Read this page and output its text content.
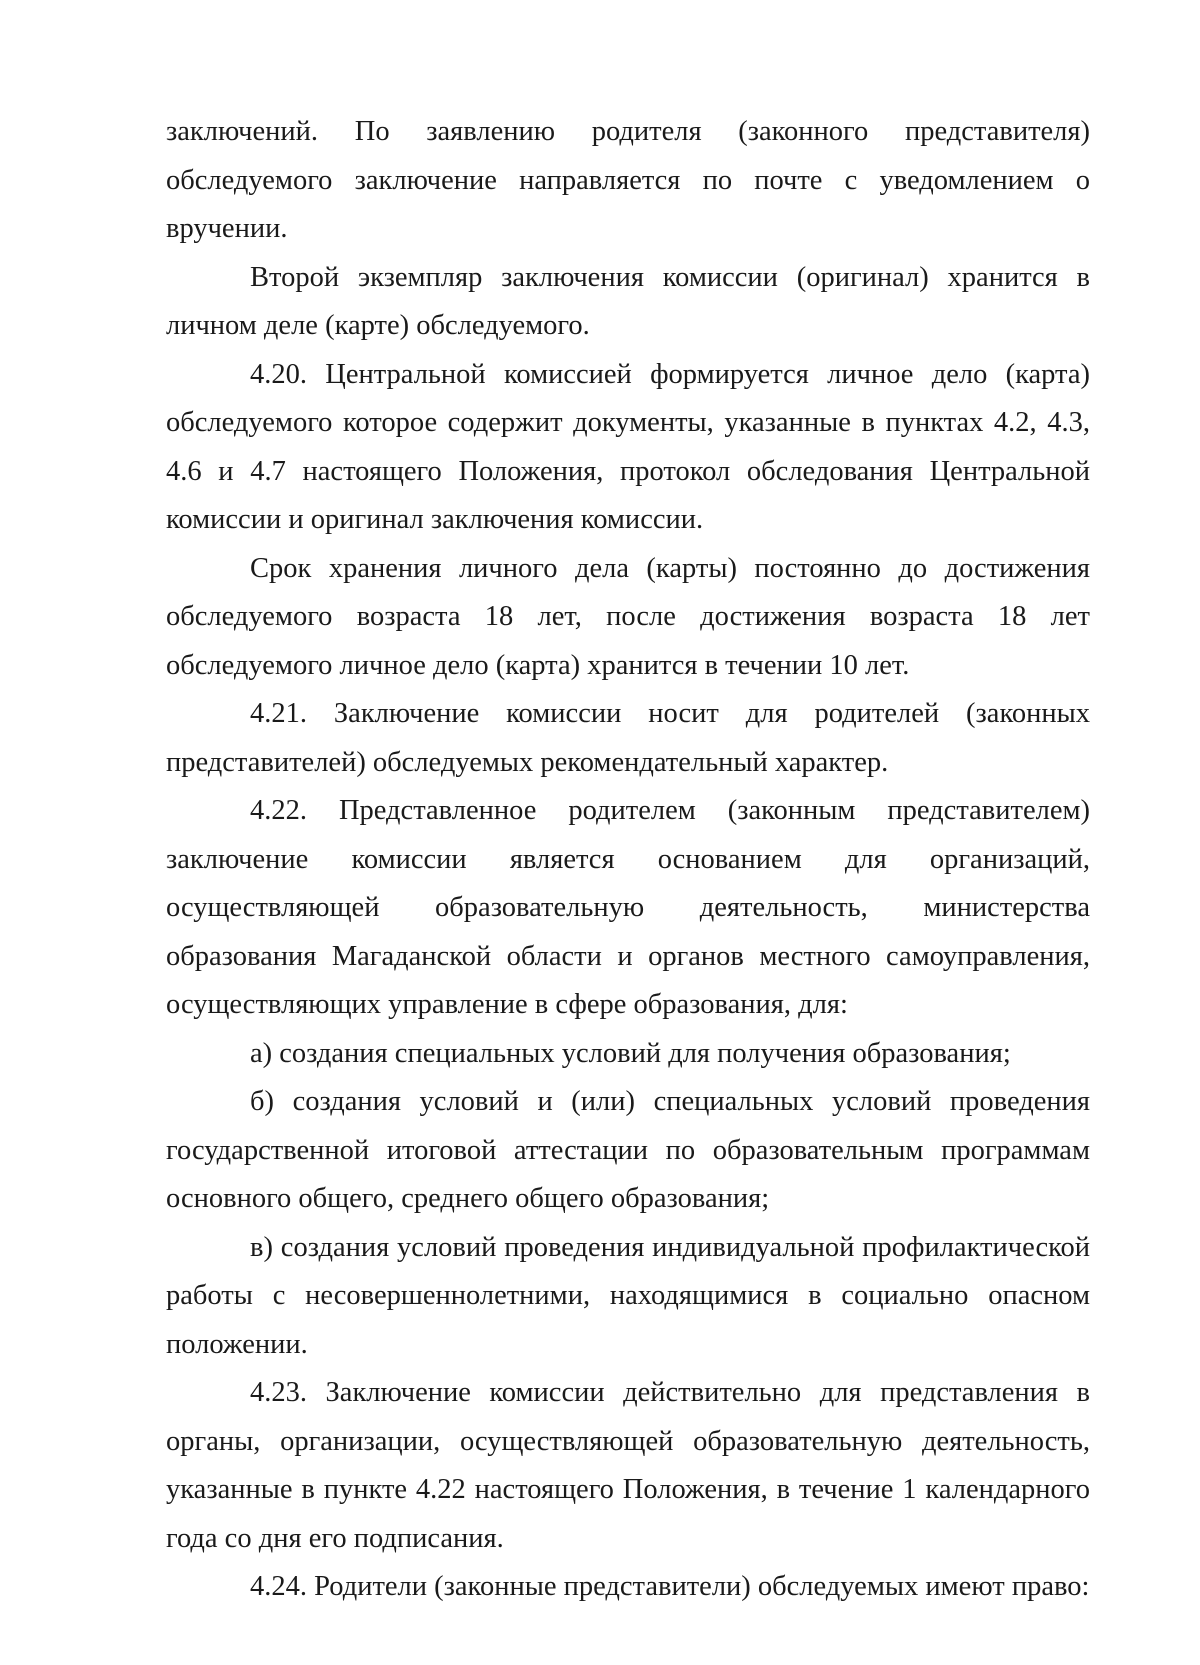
заключений. По заявлению родителя (законного представителя) обследуемого заключение направляется по почте с уведомлением о вручении.

Второй экземпляр заключения комиссии (оригинал) хранится в личном деле (карте) обследуемого.

4.20. Центральной комиссией формируется личное дело (карта) обследуемого которое содержит документы, указанные в пунктах 4.2, 4.3, 4.6 и 4.7 настоящего Положения, протокол обследования Центральной комиссии и оригинал заключения комиссии.

Срок хранения личного дела (карты) постоянно до достижения обследуемого возраста 18 лет, после достижения возраста 18 лет обследуемого личное дело (карта) хранится в течении 10 лет.

4.21. Заключение комиссии носит для родителей (законных представителей) обследуемых рекомендательный характер.

4.22. Представленное родителем (законным представителем)

заключение комиссии является основанием для организаций, осуществляющей образовательную деятельность, министерства образования Магаданской области и органов местного самоуправления, осуществляющих управление в сфере образования, для:

а) создания специальных условий для получения образования;

б) создания условий и (или) специальных условий проведения государственной итоговой аттестации по образовательным программам основного общего, среднего общего образования;

в) создания условий проведения индивидуальной профилактической работы с несовершеннолетними, находящимися в социально опасном положении.

4.23. Заключение комиссии действительно для представления в органы, организации, осуществляющей образовательную деятельность, указанные в пункте 4.22 настоящего Положения, в течение 1 календарного года со дня его подписания.

4.24. Родители (законные представители) обследуемых имеют право:
